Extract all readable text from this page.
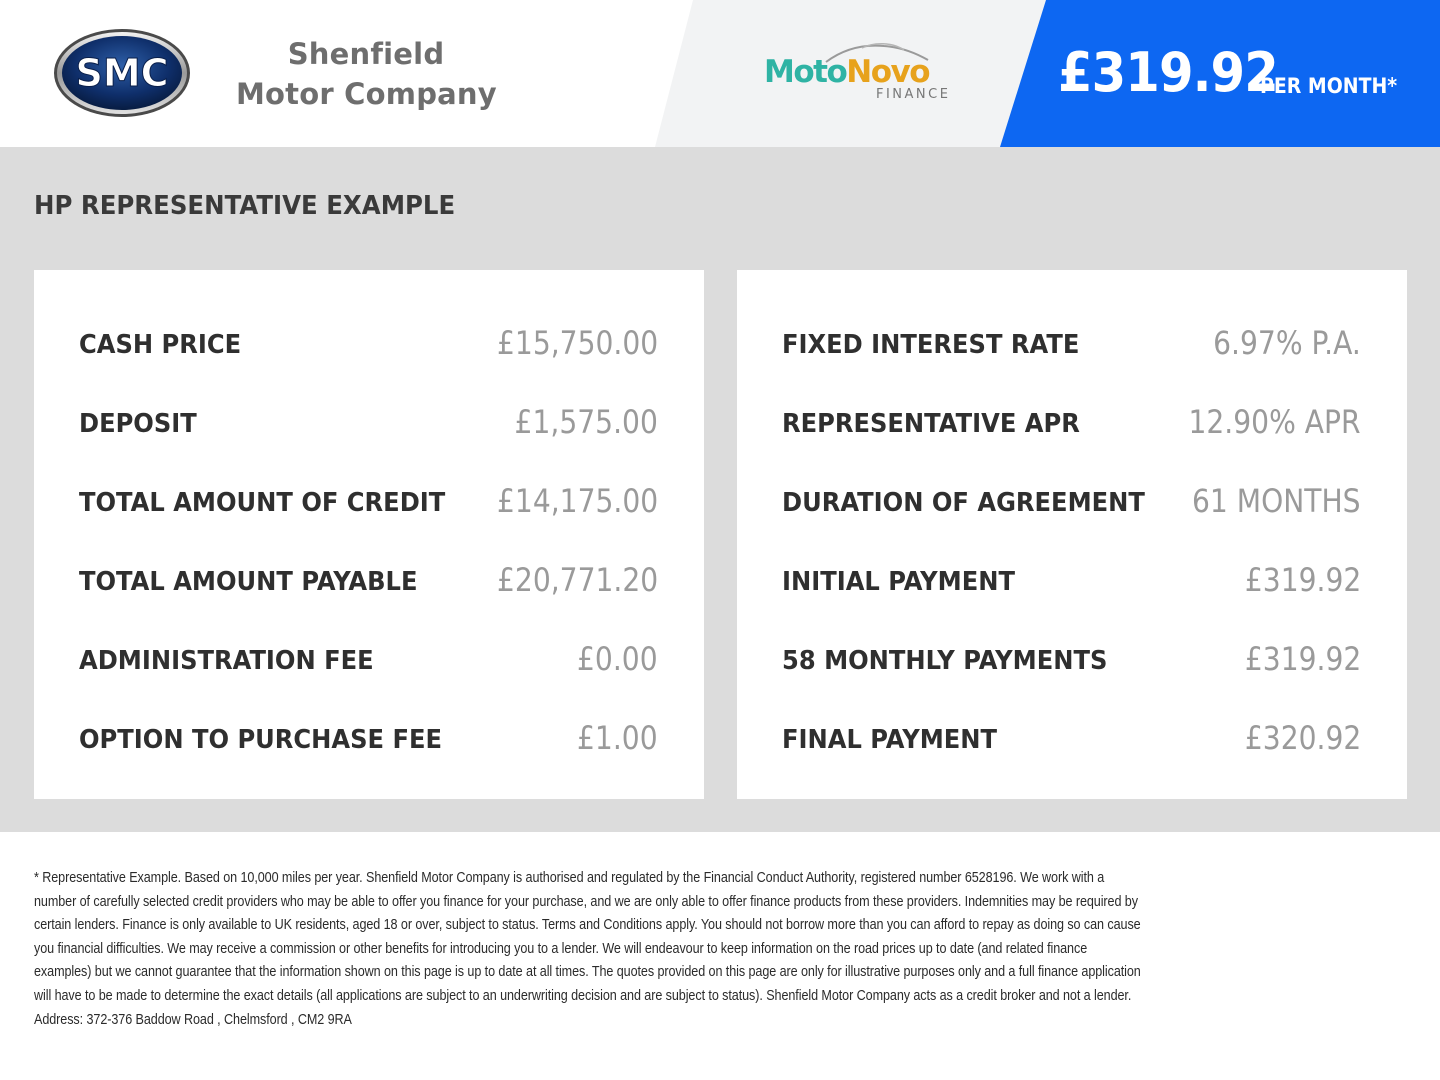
SMC	Shenfield
Motor Company
MotoNovo
FINANCE £319.92
PER MONTH*
HP REPRESENTATIVE EXAMPLE
CASH PRICE	£15,750.00
DEPOSIT	£1,575.00
TOTAL AMOUNT OF CREDIT £14,175.00
TOTAL AMOUNT PAYABLE £20,771.20
ADMINISTRATION FEE	£0.00
OPTION TO PURCHASE FEE	£1.00
FIXED INTEREST RATE	6.97% P.A.
REPRESENTATIVE APR	12.90% APR
DURATION OF AGREEMENT 61 MONTHS
INITIAL PAYMENT	£319.92
58 MONTHLY PAYMENTS	£319.92
FINAL PAYMENT	£320.92
* Representative Example. Based on 10,000 miles per year. Shenfield Motor Company is authorised and regulated by the Financial Conduct Authority, registered number 6528196. We work with a number of carefully selected credit providers who may be able to offer you finance for your purchase, and we are only able to offer finance products from these providers. Indemnities may be required by certain lenders. Finance is only available to UK residents, aged 18 or over, subject to status. Terms and Conditions apply. You should not borrow more than you can afford to repay as doing so can cause you financial difficulties. We may receive a commission or other benefits for introducing you to a lender. We will endeavour to keep information on the road prices up to date (and related finance examples) but we cannot guarantee that the information shown on this page is up to date at all times. The quotes provided on this page are only for illustrative purposes only and a full finance application will have to be made to determine the exact details (all applications are subject to an underwriting decision and are subject to status). Shenfield Motor Company acts as a credit broker and not a lender. Address: 372-376 Baddow Road , Chelmsford , CM2 9RA
